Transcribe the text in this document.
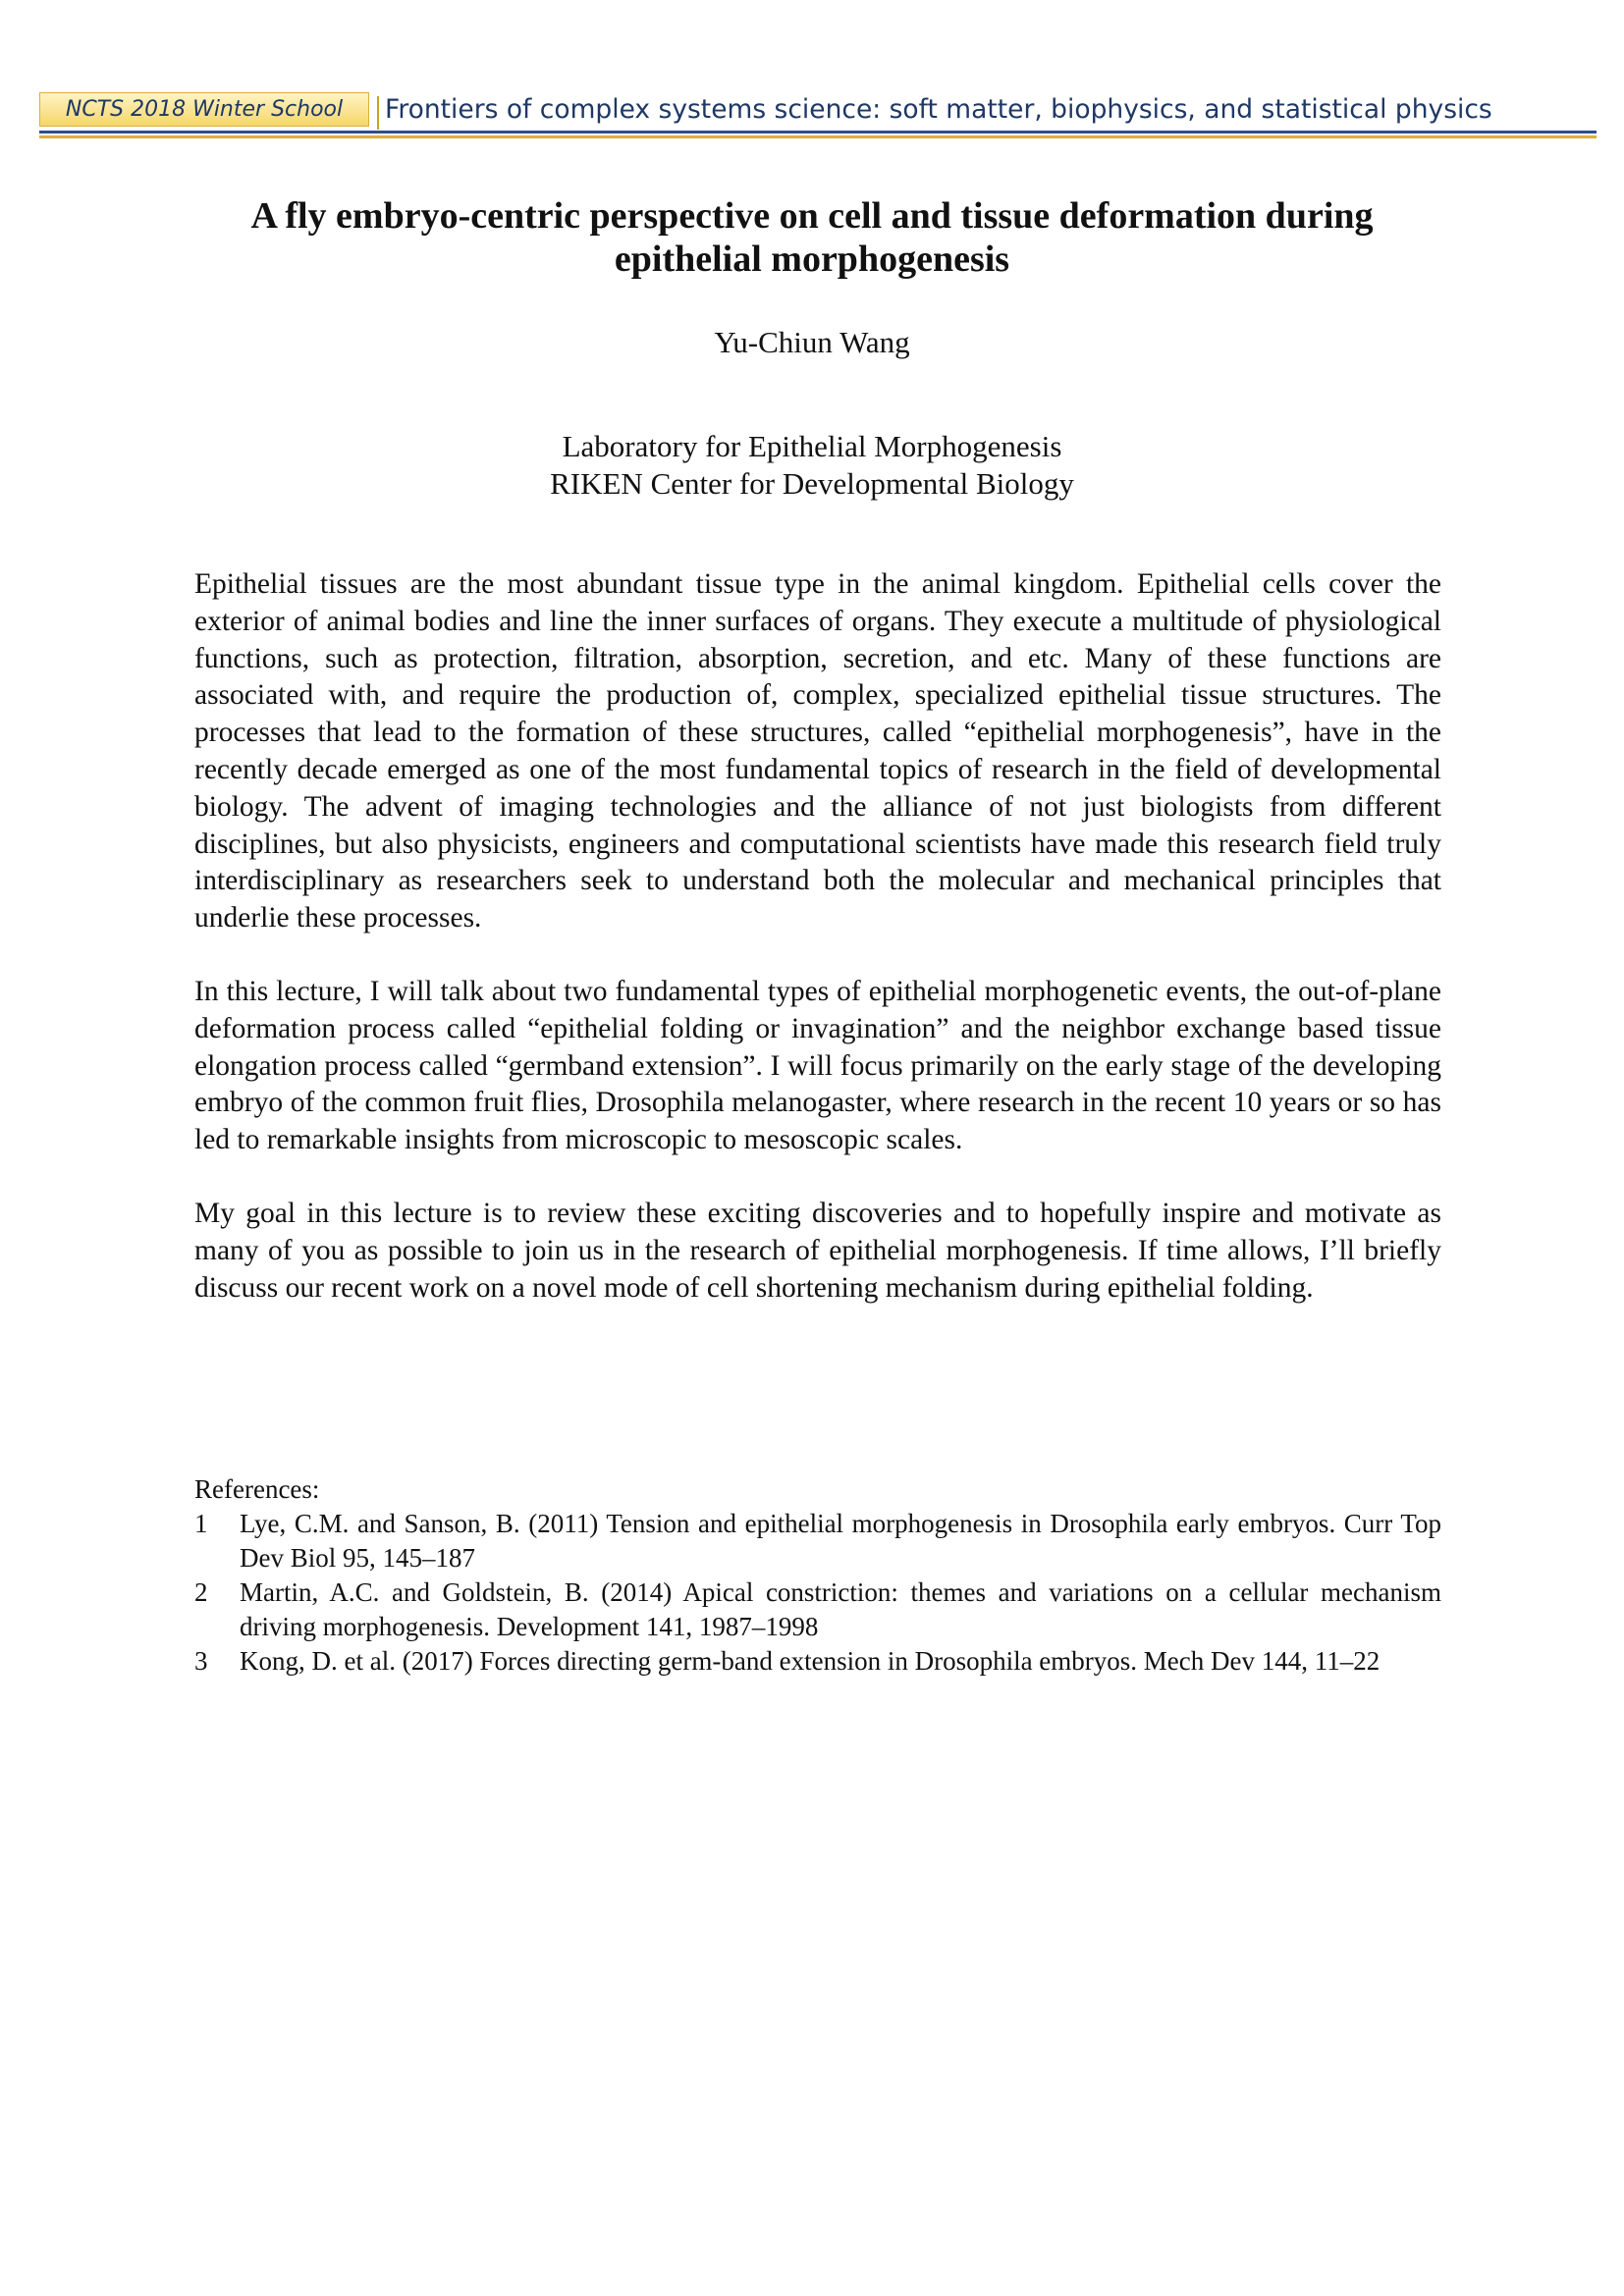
NCTS 2018 Winter School	Frontiers of complex systems science: soft matter, biophysics, and statistical physics
A fly embryo-centric perspective on cell and tissue deformation during epithelial morphogenesis
Yu-Chiun Wang
Laboratory for Epithelial Morphogenesis
RIKEN Center for Developmental Biology

Epithelial tissues are the most abundant tissue type in the animal kingdom. Epithelial cells cover the exterior of animal bodies and line the inner surfaces of organs. They execute a multitude of physiological functions, such as protection, filtration, absorption, secretion, and etc. Many of these functions are associated with, and require the production of, complex, specialized epithelial tissue structures. The processes that lead to the formation of these structures, called “epithelial morphogenesis”, have in the recently decade emerged as one of the most fundamental topics of research in the field of developmental biology. The advent of imaging technologies and the alliance of not just biologists from different disciplines, but also physicists, engineers and computational scientists have made this research field truly interdisciplinary as researchers seek to understand both the molecular and mechanical principles that underlie these processes.

In this lecture, I will talk about two fundamental types of epithelial morphogenetic events, the out-of-plane deformation process called “epithelial folding or invagination” and the neighbor exchange based tissue elongation process called “germband extension”. I will focus primarily on the early stage of the developing embryo of the common fruit flies, Drosophila melanogaster, where research in the recent 10 years or so has led to remarkable insights from microscopic to mesoscopic scales.

My goal in this lecture is to review these exciting discoveries and to hopefully inspire and motivate as many of you as possible to join us in the research of epithelial morphogenesis. If time allows, I’ll briefly discuss our recent work on a novel mode of cell shortening mechanism during epithelial folding.

References:
1 Lye, C.M. and Sanson, B. (2011) Tension and epithelial morphogenesis in Drosophila early embryos. Curr Top Dev Biol 95, 145–187
2 Martin, A.C. and Goldstein, B. (2014) Apical constriction: themes and variations on a cellular mechanism driving morphogenesis. Development 141, 1987–1998
3 Kong, D. et al. (2017) Forces directing germ-band extension in Drosophila embryos. Mech Dev 144, 11–22
